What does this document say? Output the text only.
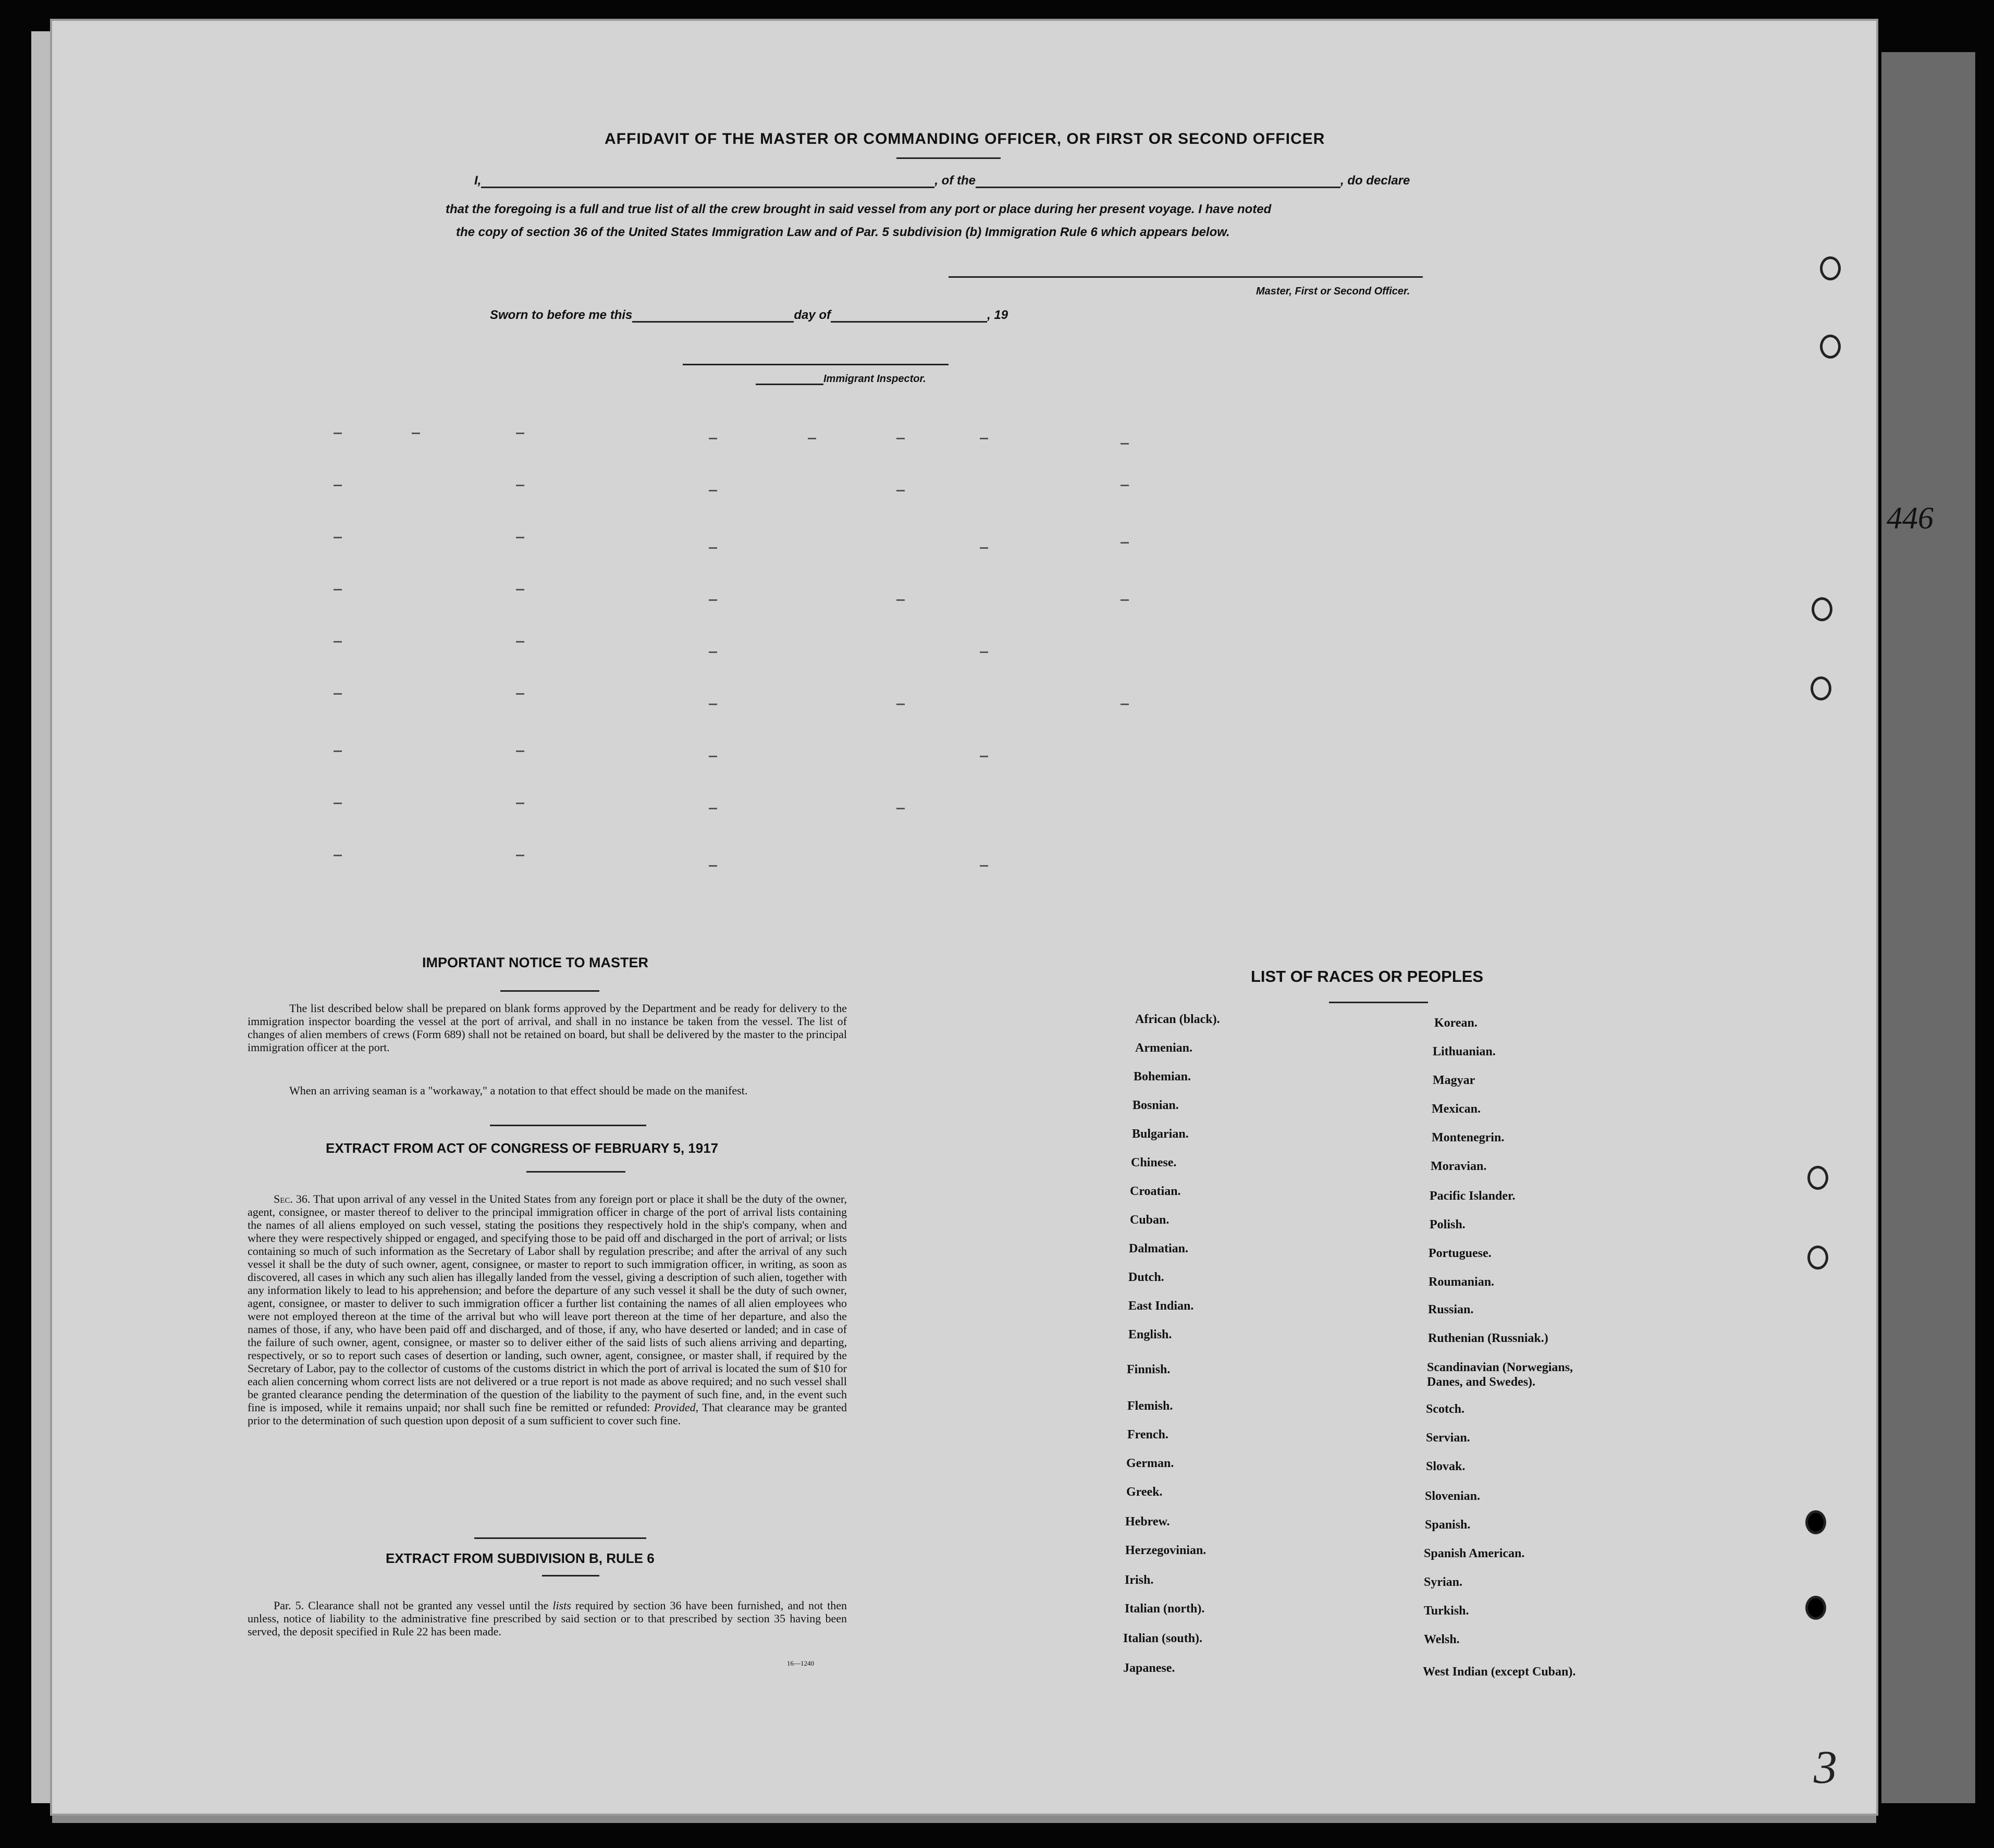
446
AFFIDAVIT OF THE MASTER OR COMMANDING OFFICER, OR FIRST OR SECOND OFFICER
I,	, of the	, do declare
that the foregoing is a full and true list of all the crew brought in said vessel from any port or place during her present voyage. I have noted
the copy of section 36 of the United States Immigration Law and of Par. 5 subdivision (b) Immigration Rule 6 which appears below.
Master, First or Second Officer.
Sworn to before me this	day of	, 19
Immigrant Inspector.
IMPORTANT NOTICE TO MASTER
The list described below shall be prepared on blank forms approved by the Department and be ready for delivery to the immigration inspector boarding the vessel at the port of arrival, and shall in no instance be taken from the vessel. The list of changes of alien members of crews (Form 689) shall not be retained on board, but shall be delivered by the master to the principal immigration officer at the port.
When an arriving seaman is a "workaway," a notation to that effect should be made on the manifest.
EXTRACT FROM ACT OF CONGRESS OF FEBRUARY 5, 1917
Sec. 36. That upon arrival of any vessel in the United States from any foreign port or place it shall be the duty of the owner, agent, consignee, or master thereof to deliver to the principal immigration officer in charge of the port of arrival lists containing the names of all aliens employed on such vessel, stating the positions they respectively hold in the ship's company, when and where they were respectively shipped or engaged, and specifying those to be paid off and discharged in the port of arrival; or lists containing so much of such information as the Secretary of Labor shall by regulation prescribe; and after the arrival of any such vessel it shall be the duty of such owner, agent, consignee, or master to report to such immigration officer, in writing, as soon as discovered, all cases in which any such alien has illegally landed from the vessel, giving a description of such alien, together with any information likely to lead to his apprehension; and before the departure of any such vessel it shall be the duty of such owner, agent, consignee, or master to deliver to such immigration officer a further list containing the names of all alien employees who were not employed thereon at the time of the arrival but who will leave port thereon at the time of her departure, and also the names of those, if any, who have been paid off and discharged, and of those, if any, who have deserted or landed; and in case of the failure of such owner, agent, consignee, or master so to deliver either of the said lists of such aliens arriving and departing, respectively, or so to report such cases of desertion or landing, such owner, agent, consignee, or master shall, if required by the Secretary of Labor, pay to the collector of customs of the customs district in which the port of arrival is located the sum of $10 for each alien concerning whom correct lists are not delivered or a true report is not made as above required; and no such vessel shall be granted clearance pending the determination of the question of the liability to the payment of such fine, and, in the event such fine is imposed, while it remains unpaid; nor shall such fine be remitted or refunded: Provided, That clearance may be granted prior to the determination of such question upon deposit of a sum sufficient to cover such fine.
EXTRACT FROM SUBDIVISION B, RULE 6
Par. 5. Clearance shall not be granted any vessel until the lists required by section 36 have been furnished, and not then unless, notice of liability to the administrative fine prescribed by said section or to that prescribed by section 35 having been served, the deposit specified in Rule 22 has been made.
16—1240
LIST OF RACES OR PEOPLES
African (black).
Armenian.
Bohemian.
Bosnian.
Bulgarian.
Chinese.
Croatian.
Cuban.
Dalmatian.
Dutch.
East Indian.
English.
Finnish.
Flemish.
French.
German.
Greek.
Hebrew.
Herzegovinian.
Irish.
Italian (north).
Italian (south).
Japanese.
Korean.
Lithuanian.
Magyar
Mexican.
Montenegrin.
Moravian.
Pacific Islander.
Polish.
Portuguese.
Roumanian.
Russian.
Ruthenian (Russniak.)
Scandinavian (Norwegians,
Danes, and Swedes).
Scotch.
Servian.
Slovak.
Slovenian.
Spanish.
Spanish American.
Syrian.
Turkish.
Welsh.
West Indian (except Cuban).
3
